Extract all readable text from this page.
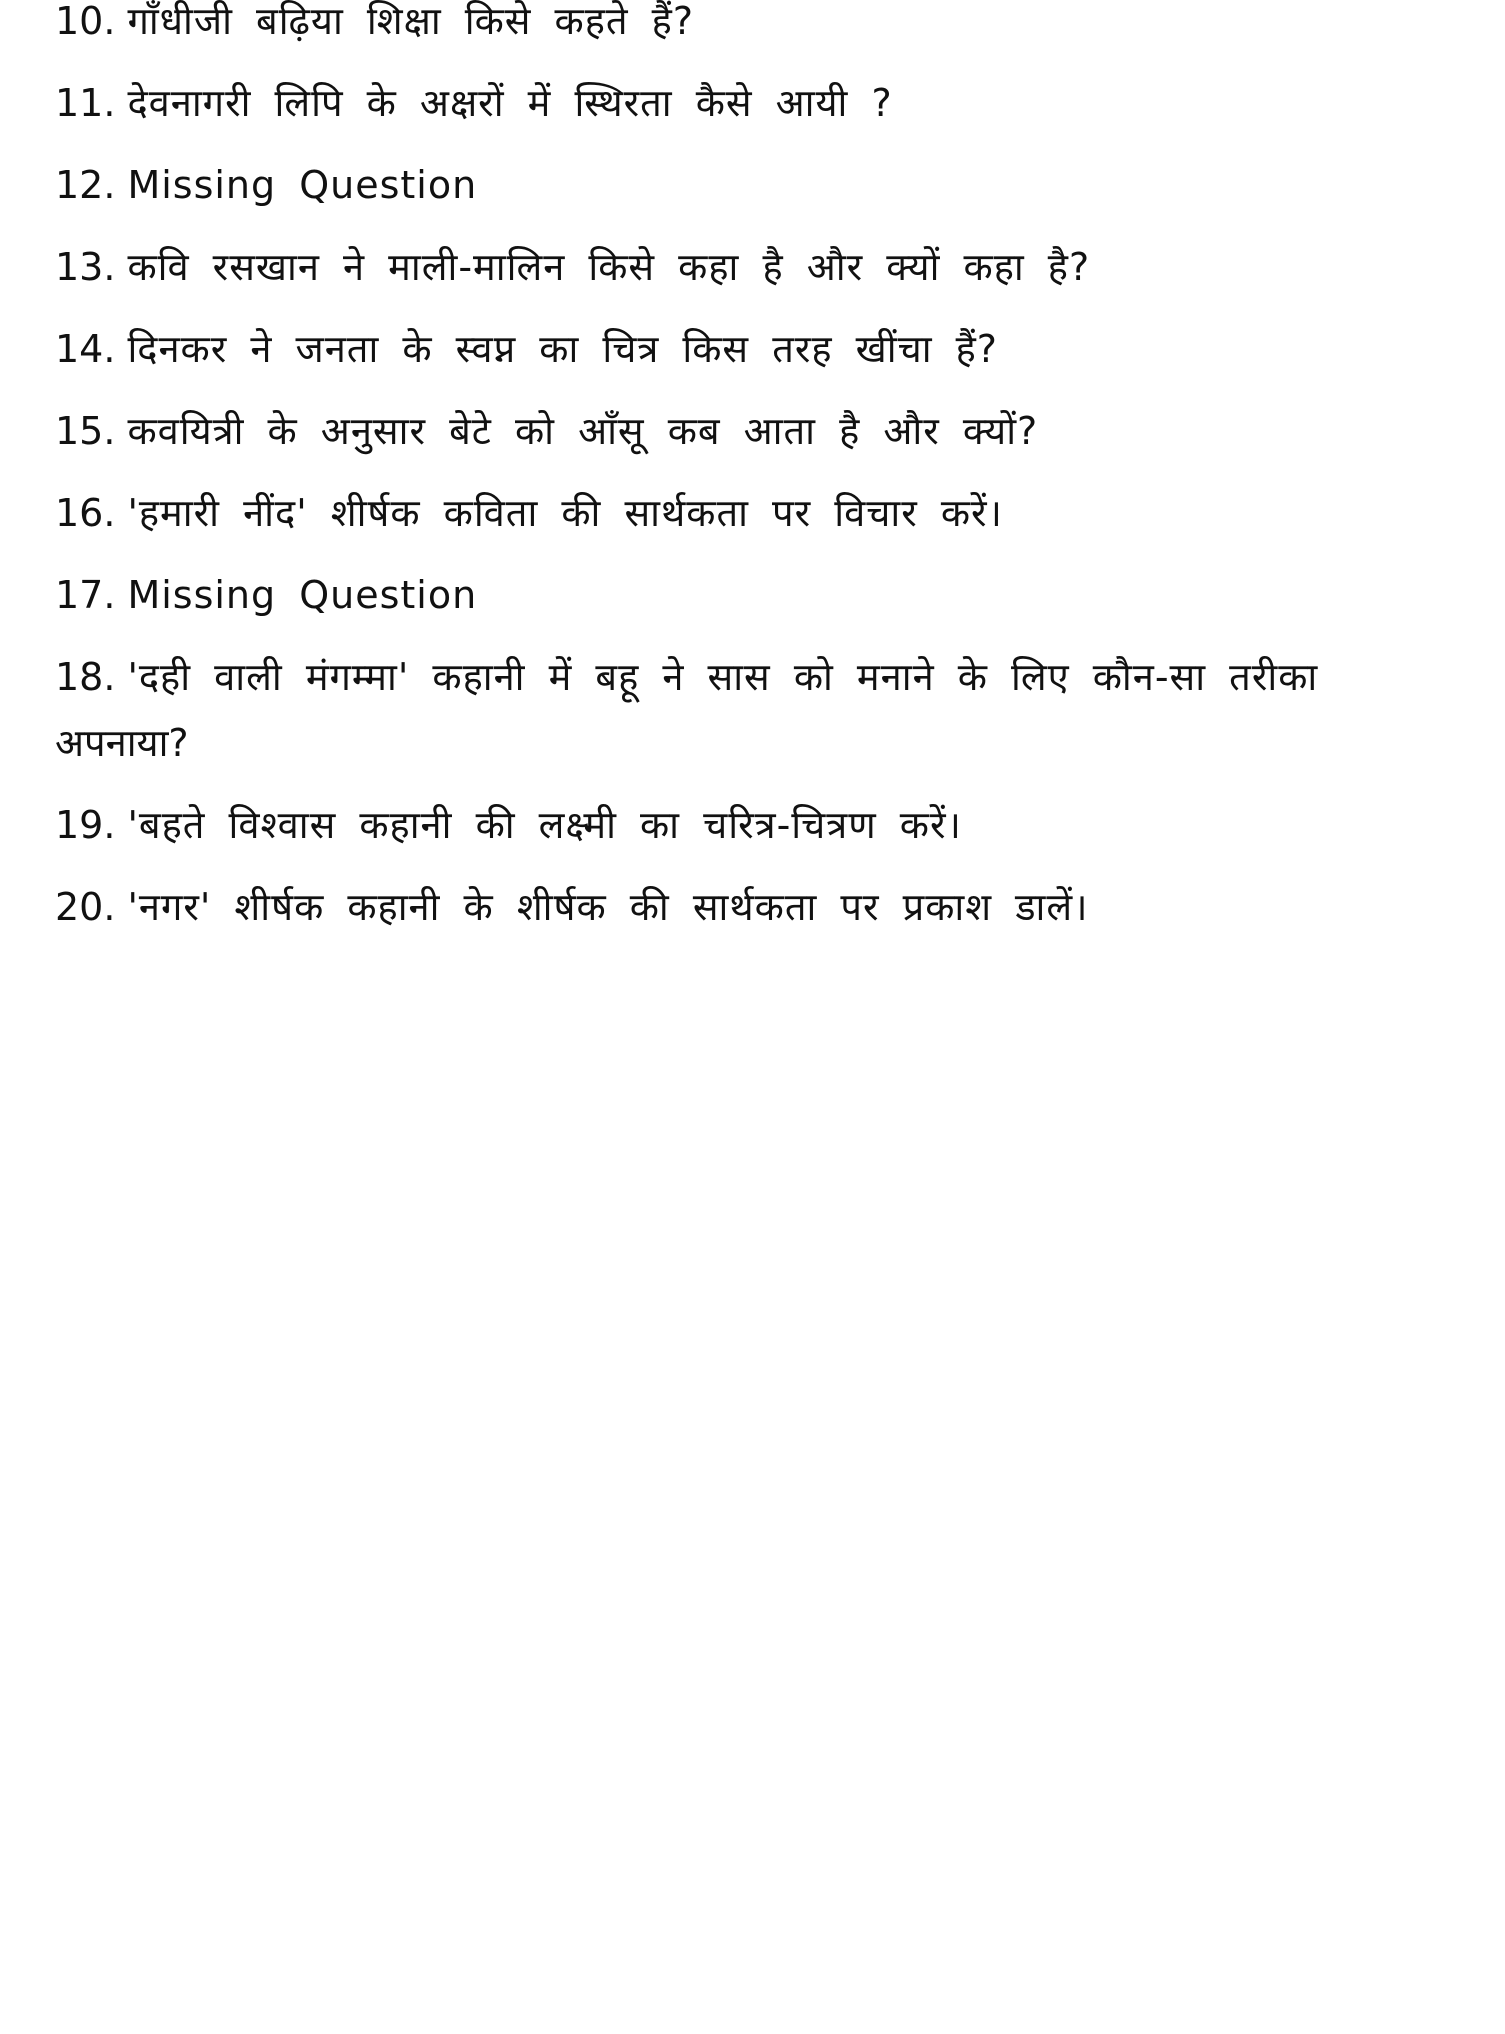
10. गाँधीजी बढ़िया शिक्षा किसे कहते हैं?
11. देवनागरी लिपि के अक्षरों में स्थिरता कैसे आयी ?
12. Missing Question
13. कवि रसखान ने माली-मालिन किसे कहा है और क्यों कहा है?
14. दिनकर ने जनता के स्वप्न का चित्र किस तरह खींचा हैं?
15. कवयित्री के अनुसार बेटे को आँसू कब आता है और क्यों?
16. 'हमारी नींद' शीर्षक कविता की सार्थकता पर विचार करें।
17. Missing Question
18. 'दही वाली मंगम्मा' कहानी में बहू ने सास को मनाने के लिए कौन-सा तरीका
अपनाया?
19. 'बहते विश्वास कहानी की लक्ष्मी का चरित्र-चित्रण करें।
20. 'नगर' शीर्षक कहानी के शीर्षक की सार्थकता पर प्रकाश डालें।
